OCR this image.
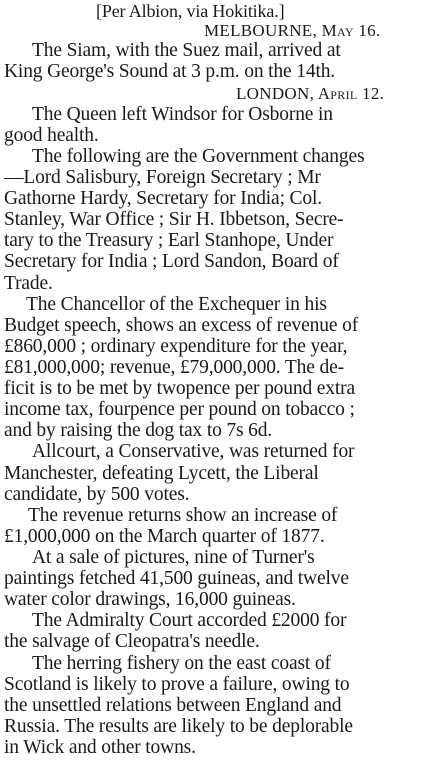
[Per Albion, via Hokitika.]
MELBOURNE, May 16.
The Siam, with the Suez mail, arrived at
King George's Sound at 3 p.m. on the 14th.
LONDON, April 12.
The Queen left Windsor for Osborne in
good health.
The following are the Government changes
—Lord Salisbury, Foreign Secretary ; Mr
Gathorne Hardy, Secretary for India; Col.
Stanley, War Office ; Sir H. Ibbetson, Secre-
tary to the Treasury ; Earl Stanhope, Under
Secretary for India ; Lord Sandon, Board of
Trade.
The Chancellor of the Exchequer in his
Budget speech, shows an excess of revenue of
£860,000 ; ordinary expenditure for the year,
£81,000,000; revenue, £79,000,000. The de-
ficit is to be met by twopence per pound extra
income tax, fourpence per pound on tobacco ;
and by raising the dog tax to 7s 6d.
Allcourt, a Conservative, was returned for
Manchester, defeating Lycett, the Liberal
candidate, by 500 votes.
The revenue returns show an increase of
£1,000,000 on the March quarter of 1877.
At a sale of pictures, nine of Turner's
paintings fetched 41,500 guineas, and twelve
water color drawings, 16,000 guineas.
The Admiralty Court accorded £2000 for
the salvage of Cleopatra's needle.
The herring fishery on the east coast of
Scotland is likely to prove a failure, owing to
the unsettled relations between England and
Russia. The results are likely to be deplorable
in Wick and other towns.
